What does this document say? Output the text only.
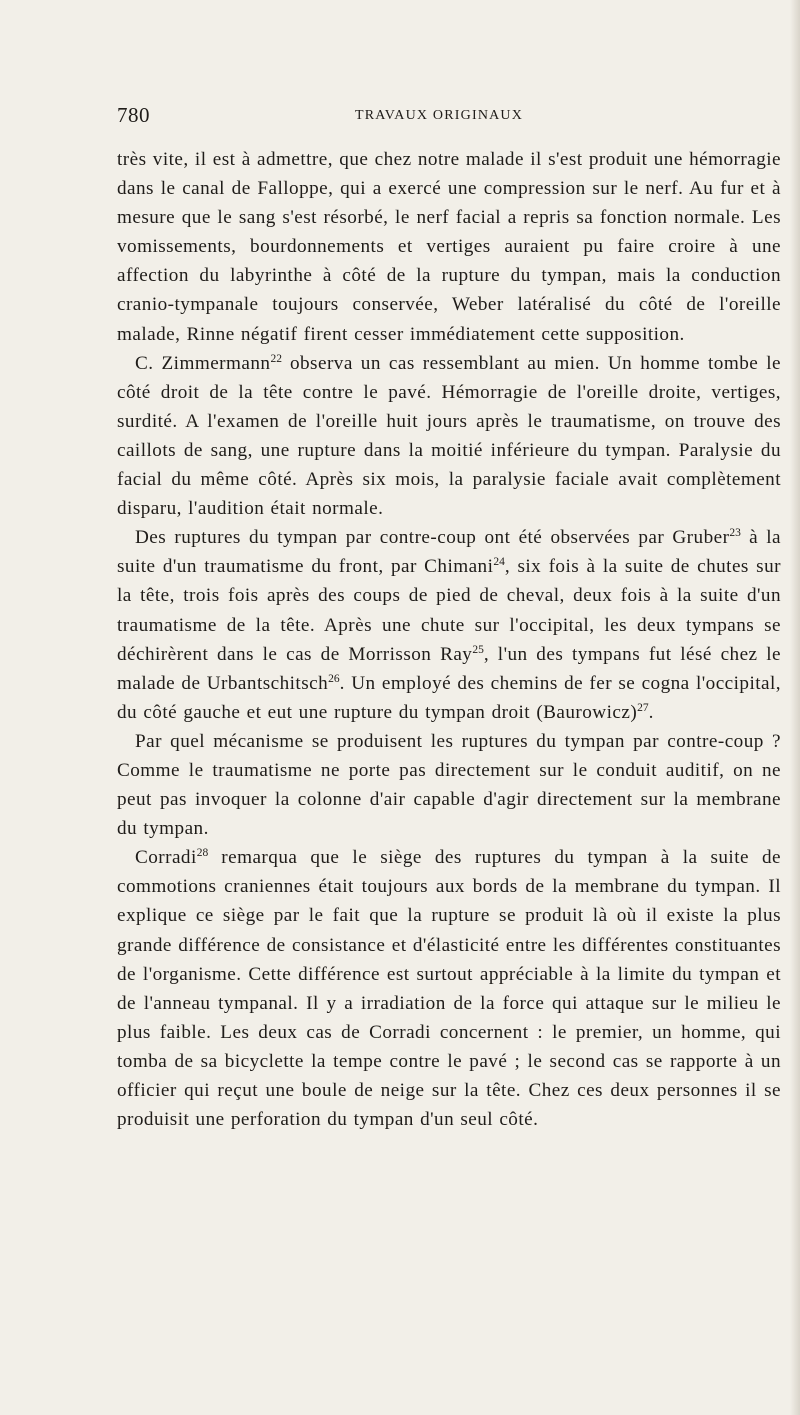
780	TRAVAUX ORIGINAUX

très vite, il est à admettre, que chez notre malade il s'est produit une hémorragie dans le canal de Falloppe, qui a exercé une compression sur le nerf. Au fur et à mesure que le sang s'est résorbé, le nerf facial a repris sa fonction normale. Les vomissements, bourdonnements et vertiges auraient pu faire croire à une affection du labyrinthe à côté de la rupture du tympan, mais la conduction cranio-tympanale toujours conservée, Weber latéralisé du côté de l'oreille malade, Rinne négatif firent cesser immédiatement cette supposition.

C. Zimmermann$^{22}$ observa un cas ressemblant au mien. Un homme tombe le côté droit de la tête contre le pavé. Hémorragie de l'oreille droite, vertiges, surdité. A l'examen de l'oreille huit jours après le traumatisme, on trouve des caillots de sang, une rupture dans la moitié inférieure du tympan. Paralysie du facial du même côté. Après six mois, la paralysie faciale avait complètement disparu, l'audition était normale.

Des ruptures du tympan par contre-coup ont été observées par Gruber$^{23}$ à la suite d'un traumatisme du front, par Chimani$^{24}$, six fois à la suite de chutes sur la tête, trois fois après des coups de pied de cheval, deux fois à la suite d'un traumatisme de la tête. Après une chute sur l'occipital, les deux tympans se déchirèrent dans le cas de Morrisson Ray$^{25}$, l'un des tympans fut lésé chez le malade de Urbantschitsch$^{26}$. Un employé des chemins de fer se cogna l'occipital, du côté gauche et eut une rupture du tympan droit (Baurowicz)$^{27}$.

Par quel mécanisme se produisent les ruptures du tympan par contre-coup ? Comme le traumatisme ne porte pas directement sur le conduit auditif, on ne peut pas invoquer la colonne d'air capable d'agir directement sur la membrane du tympan.

Corradi$^{28}$ remarqua que le siège des ruptures du tympan à la suite de commotions craniennes était toujours aux bords de la membrane du tympan. Il explique ce siège par le fait que la rupture se produit là où il existe la plus grande différence de consistance et d'élasticité entre les différentes constituantes de l'organisme. Cette différence est surtout appréciable à la limite du tympan et de l'anneau tympanal. Il y a irradiation de la force qui attaque sur le milieu le plus faible. Les deux cas de Corradi concernent : le premier, un homme, qui tomba de sa bicyclette la tempe contre le pavé ; le second cas se rapporte à un officier qui reçut une boule de neige sur la tête. Chez ces deux personnes il se produisit une perforation du tympan d'un seul côté.
